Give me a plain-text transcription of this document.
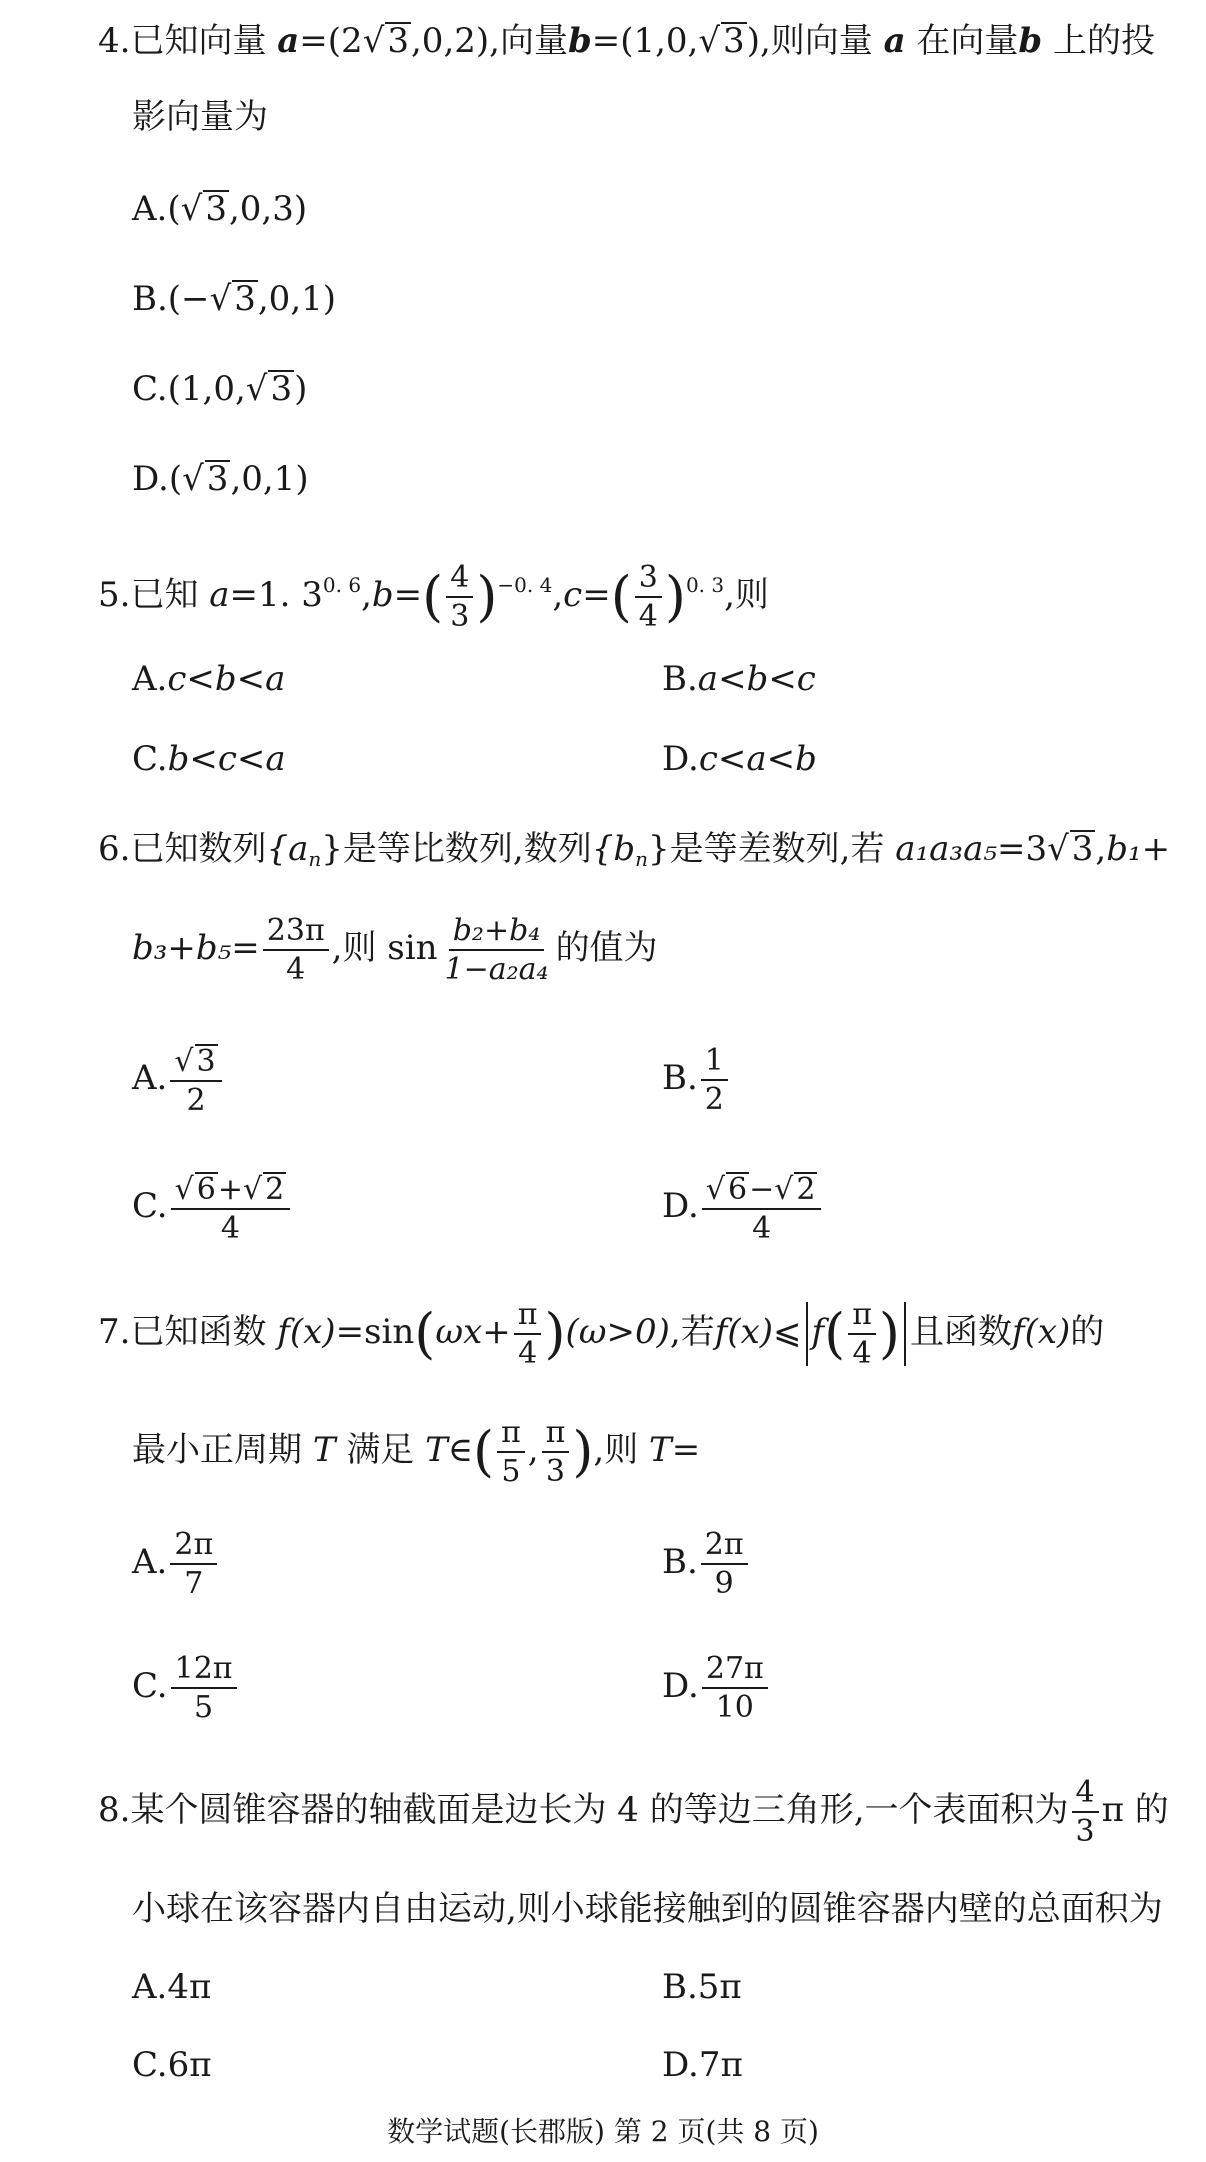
4.已知向量 a=(2√3,0,2),向量b=(1,0,√3),则向量 a 在向量b 上的投
影向量为
A.(√3,0,3)
B.(−√3,0,1)
C.(1,0,√3)
D.(√3,0,1)
5.已知 a=1. $3^{0. 6},b=( \frac{4}{3} )^{-0. 4},c=( \frac{3}{4} )^{0. 3}$,则
A.c<b<a	B.a<b<c
C.b<c<a	D.c<a<b
6.已知数列$\{a_n\}$是等比数列,数列$\{b_n\}$是等差数列,若 a₁a₃a₅=3√3,b₁+
$b_3+b_5= \frac{23\pi}{4}$ ,则 $\sin \frac{\text{b₂+b₄}}{\text{1−a₂a₄}}$ 的值为
A. $\frac{√ 3}{2}$	B. $\frac{1}{2}$
C. $\frac{√ 6+√ 2}{4}$	D. $\frac{√ 6-√ 2}{4}$
7.已知函数 $f(x)=\sin(\omega x+ \frac{\pi}{4} )(\omega>0)$,若f(x)⩽ $f( \frac{\pi}{4}$ ) 且函数f(x)的
最小正周期 T 满足 T∈( $\frac{\pi}{5}$ , $\frac{\pi}{3}$ ),则 T=
A. $\frac{2\pi}{7}$	B. $\frac{2\pi}{9}$
C. $\frac{12\pi}{5}$	D. $\frac{27\pi}{10}$
8.某个圆锥容器的轴截面是边长为 4 的等边三角形,一个表面积为 $\frac{4}{3}$ π 的
小球在该容器内自由运动,则小球能接触到的圆锥容器内壁的总面积为
A.4π	B.5π
C.6π	D.7π
数学试题(长郡版) 第 2 页(共 8 页)
